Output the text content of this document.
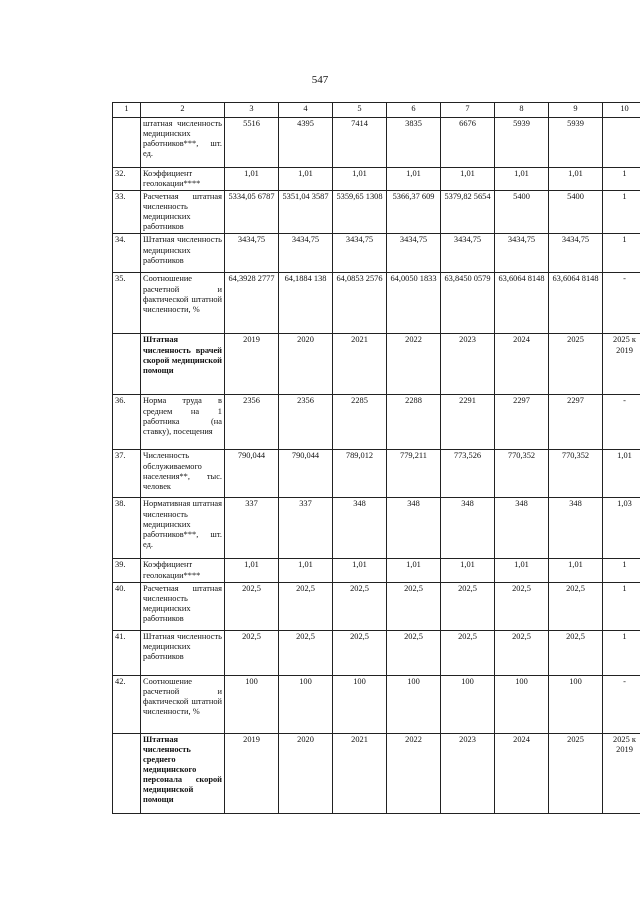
547
1	2	3	4	5	6	7	8	9	10
	штатная численность медицинских работников***, шт. ед.	5516	4395	7414	3835	6676	5939	5939	
32.	Коэффициент геолокации****	1,01	1,01	1,01	1,01	1,01	1,01	1,01	1
33.	Расчетная штатная численность медицинских работников	5334,05 6787	5351,04 3587	5359,65 1308	5366,37 609	5379,82 5654	5400	5400	1
34.	Штатная численность медицинских работников	3434,75	3434,75	3434,75	3434,75	3434,75	3434,75	3434,75	1
35.	Соотношение расчетной и фактической штатной численности, %	64,3928 2777	64,1884 138	64,0853 2576	64,0050 1833	63,8450 0579	63,6064 8148	63,6064 8148	-
	Штатная численность врачей скорой медицинской помощи	2019	2020	2021	2022	2023	2024	2025	2025 к 2019
36.	Норма труда в среднем на 1 работника (на ставку), посещения	2356	2356	2285	2288	2291	2297	2297	-
37.	Численность обслуживаемого населения**, тыс. человек	790,044	790,044	789,012	779,211	773,526	770,352	770,352	1,01
38.	Нормативная штатная численность медицинских работников***, шт. ед.	337	337	348	348	348	348	348	1,03
39.	Коэффициент геолокации****	1,01	1,01	1,01	1,01	1,01	1,01	1,01	1
40.	Расчетная штатная численность медицинских работников	202,5	202,5	202,5	202,5	202,5	202,5	202,5	1
41.	Штатная численность медицинских работников	202,5	202,5	202,5	202,5	202,5	202,5	202,5	1
42.	Соотношение расчетной и фактической штатной численности, %	100	100	100	100	100	100	100	-
	Штатная численность среднего медицинского персонала скорой медицинской помощи	2019	2020	2021	2022	2023	2024	2025	2025 к 2019
